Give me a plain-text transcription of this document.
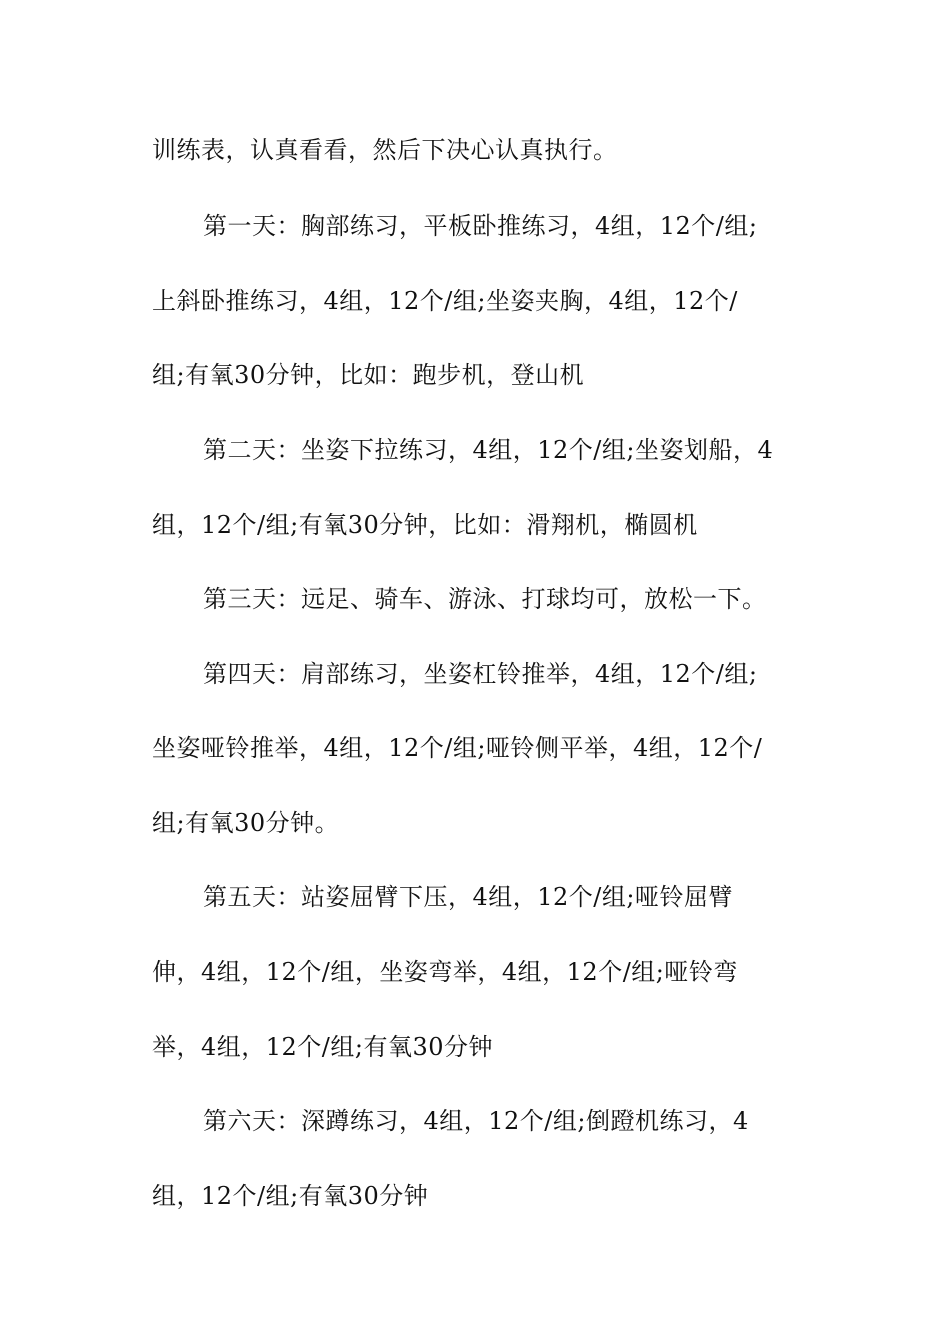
训练表，认真看看，然后下决心认真执行。
第一天：胸部练习，平板卧推练习，4组，12个/组;
上斜卧推练习，4组，12个/组;坐姿夹胸，4组，12个/
组;有氧30分钟，比如：跑步机，登山机
第二天：坐姿下拉练习，4组，12个/组;坐姿划船，4
组，12个/组;有氧30分钟，比如：滑翔机，椭圆机
第三天：远足、骑车、游泳、打球均可，放松一下。
第四天：肩部练习，坐姿杠铃推举，4组，12个/组;
坐姿哑铃推举，4组，12个/组;哑铃侧平举，4组，12个/
组;有氧30分钟。
第五天：站姿屈臂下压，4组，12个/组;哑铃屈臂
伸，4组，12个/组，坐姿弯举，4组，12个/组;哑铃弯
举，4组，12个/组;有氧30分钟
第六天：深蹲练习，4组，12个/组;倒蹬机练习，4
组，12个/组;有氧30分钟
